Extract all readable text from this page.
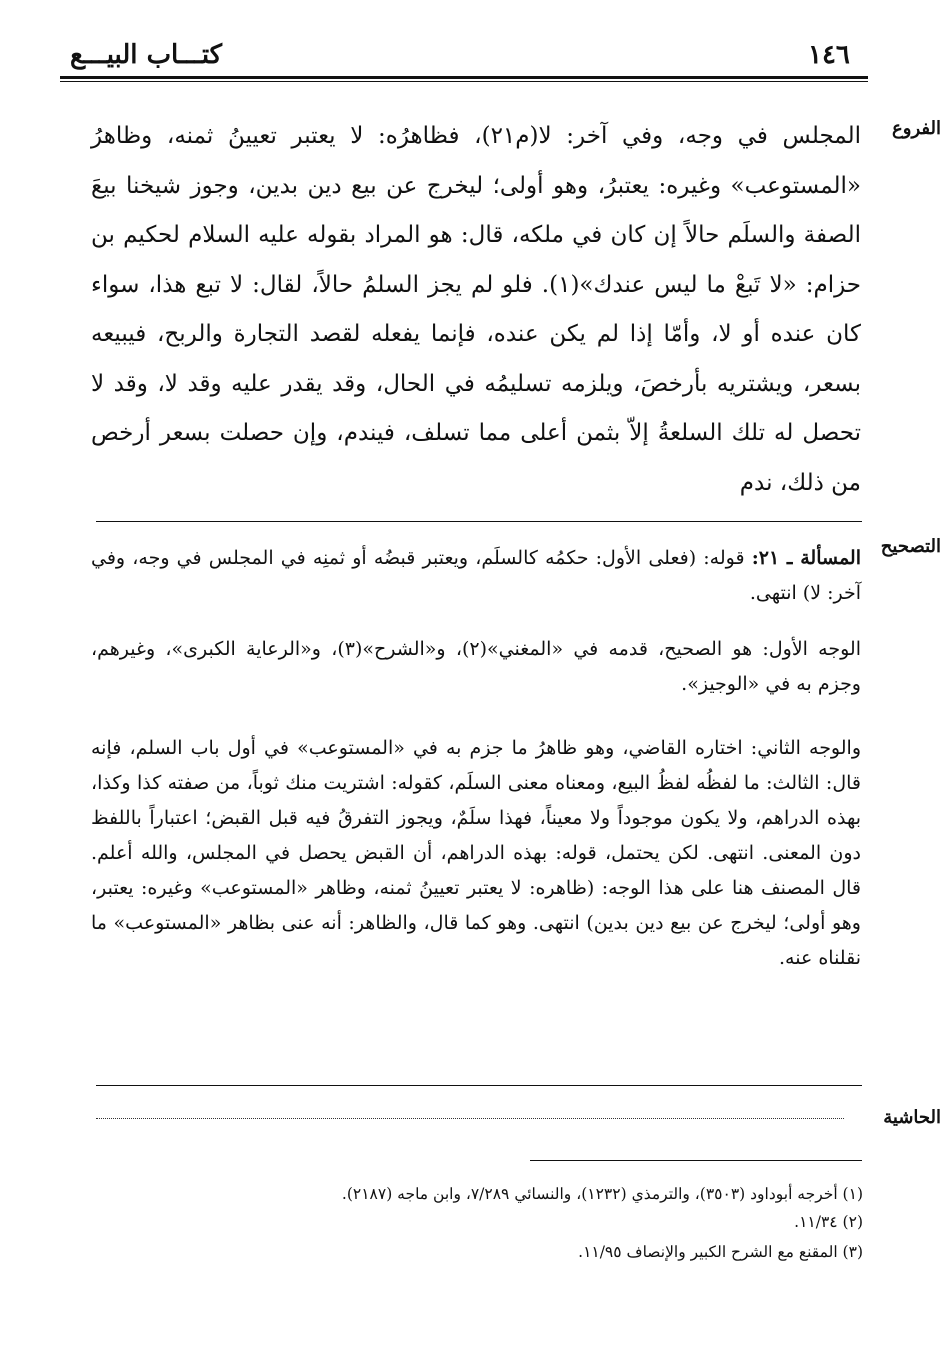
١٤٦
كتـــاب البيـــع
الفروع
المجلس في وجه، وفي آخر: لا(م٢١)، فظاهرُه: لا يعتبر تعيينُ ثمنه، وظاهرُ «المستوعب» وغيره: يعتبرُ، وهو أولى؛ ليخرج عن بيع دين بدين، وجوز شيخنا بيعَ الصفة والسلَم حالاً إن كان في ملكه، قال: هو المراد بقوله عليه السلام لحكيم بن حزام: «لا تَبعْ ما ليس عندك»(١). فلو لم يجز السلمُ حالاً، لقال: لا تبع هذا، سواء كان عنده أو لا، وأمّا إذا لم يكن عنده، فإنما يفعله لقصد التجارة والربح، فيبيعه بسعر، ويشتريه بأرخصَ، ويلزمه تسليمُه في الحال، وقد يقدر عليه وقد لا، وقد لا تحصل له تلك السلعةُ إلاّ بثمن أعلى مما تسلف، فيندم، وإن حصلت بسعر أرخص من ذلك، ندم
التصحيح

المسألة ـ ٢١: قوله: (فعلى الأول: حكمُه كالسلَم، ويعتبر قبضُه أو ثمنِه في المجلس في وجه، وفي آخر: لا) انتهى.

الوجه الأول: هو الصحيح، قدمه في «المغني»(٢)، و«الشرح»(٣)، و«الرعاية الكبرى»، وغيرهم، وجزم به في «الوجيز».

والوجه الثاني: اختاره القاضي، وهو ظاهرُ ما جزم به في «المستوعب» في أول باب السلم، فإنه قال: الثالث: ما لفظُه لفظُ البيع، ومعناه معنى السلَم، كقوله: اشتريت منك ثوباً، من صفته كذا وكذا، بهذه الدراهم، ولا يكون موجوداً ولا معيناً، فهذا سلَمٌ، ويجوز التفرقُ فيه قبل القبض؛ اعتباراً باللفظ دون المعنى. انتهى. لكن يحتمل، قوله: بهذه الدراهم، أن القبض يحصل في المجلس، والله أعلم. قال المصنف هنا على هذا الوجه: (ظاهره: لا يعتبر تعيينُ ثمنه، وظاهر «المستوعب» وغيره: يعتبر، وهو أولى؛ ليخرج عن بيع دين بدين) انتهى. وهو كما قال، والظاهر: أنه عنى بظاهر «المستوعب» ما نقلناه عنه.

الحاشية
(١) أخرجه أبوداود (٣٥٠٣)، والترمذي (١٢٣٢)، والنسائي ٧/٢٨٩، وابن ماجه (٢١٨٧).
(٢) ١١/٣٤.
(٣) المقنع مع الشرح الكبير والإنصاف ١١/٩٥.
